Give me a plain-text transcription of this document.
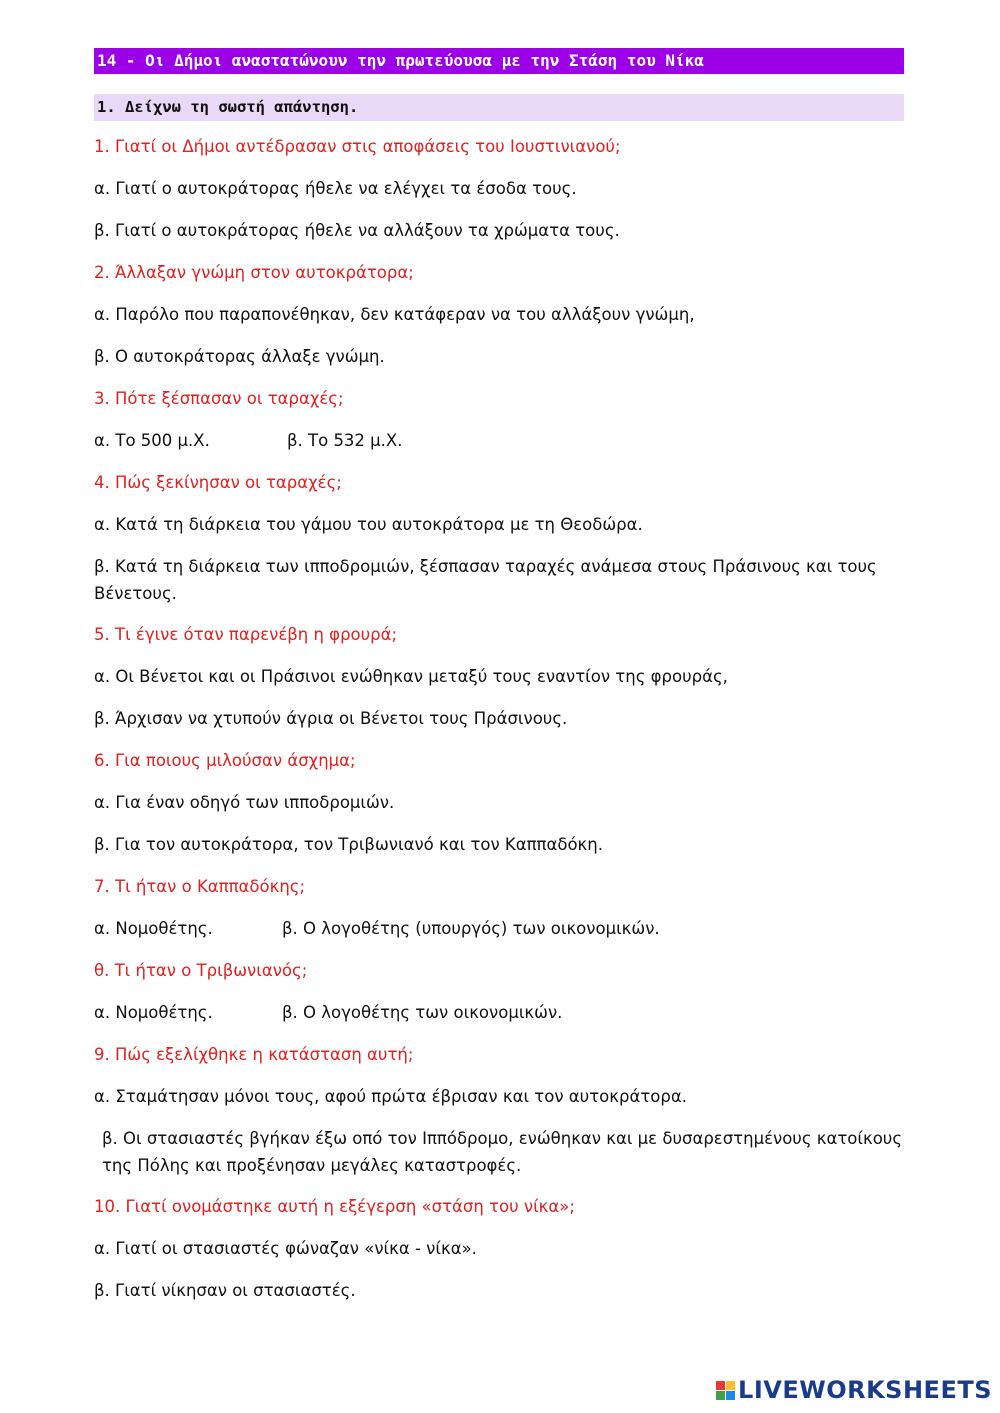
14 - Οι Δήμοι αναστατώνουν την πρωτεύουσα με την Στάση του Νίκα
1. Δείχνω τη σωστή απάντηση.
1. Γιατί οι Δήμοι αντέδρασαν στις αποφάσεις του Ιουστινιανού;
α. Γιατί ο αυτοκράτορας ήθελε να ελέγχει τα έσοδα τους.
β. Γιατί ο αυτοκράτορας ήθελε να αλλάξουν τα χρώματα τους.
2. Άλλαξαν γνώμη στον αυτοκράτορα;
α. Παρόλο που παραπονέθηκαν, δεν κατάφεραν να του αλλάξουν γνώμη,
β. Ο αυτοκράτορας άλλαξε γνώμη.
3. Πότε ξέσπασαν οι ταραχές;
α. Το 500 μ.Χ.	β. Το 532 μ.Χ.
4. Πώς ξεκίνησαν οι ταραχές;
α. Κατά τη διάρκεια του γάμου του αυτοκράτορα με τη Θεοδώρα.
β. Κατά τη διάρκεια των ιπποδρομιών, ξέσπασαν ταραχές ανάμεσα στους Πράσινους και τους Βένετους.
5. Τι έγινε όταν παρενέβη η φρουρά;
α. Οι Βένετοι και οι Πράσινοι ενώθηκαν μεταξύ τους εναντίον της φρουράς,
β. Άρχισαν να χτυπούν άγρια οι Βένετοι τους Πράσινους.
6. Για ποιους μιλούσαν άσχημα;
α. Για έναν οδηγό των ιπποδρομιών.
β. Για τον αυτοκράτορα, τον Τριβωνιανό και τον Καππαδόκη.
7. Τι ήταν ο Καππαδόκης;
α. Νομοθέτης.	β. Ο λογοθέτης (υπουργός) των οικονομικών.
θ. Τι ήταν ο Τριβωνιανός;
α. Νομοθέτης.	β. Ο λογοθέτης των οικονομικών.
9. Πώς εξελίχθηκε η κατάσταση αυτή;
α. Σταμάτησαν μόνοι τους, αφού πρώτα έβρισαν και τον αυτοκράτορα.
β. Οι στασιαστές βγήκαν έξω οπό τον Ιππόδρομο, ενώθηκαν και με δυσαρεστημένους κατοίκους της Πόλης και προξένησαν μεγάλες καταστροφές.
10. Γιατί ονομάστηκε αυτή η εξέγερση «στάση του νίκα»;
α. Γιατί οι στασιαστές φώναζαν «νίκα - νίκα».
β. Γιατί νίκησαν οι στασιαστές.
LIVEWORKSHEETS
